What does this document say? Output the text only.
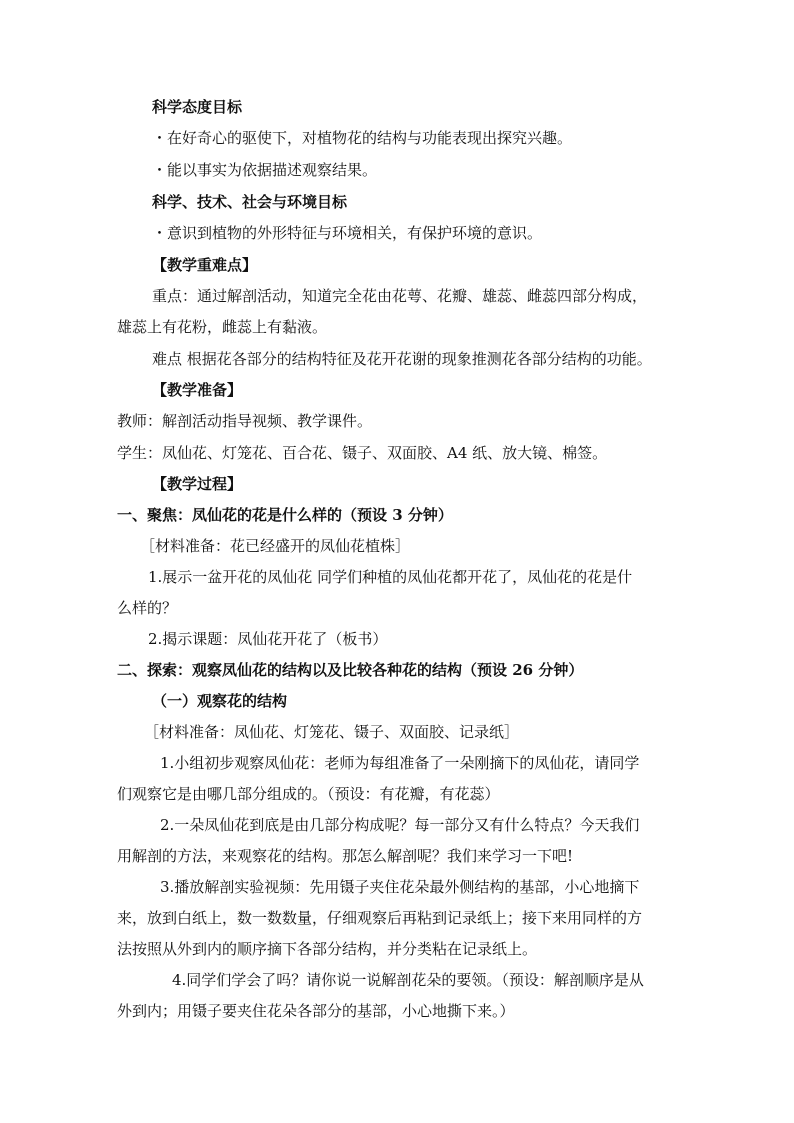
科学态度目标
・在好奇心的驱使下，对植物花的结构与功能表现出探究兴趣。
・能以事实为依据描述观察结果。
科学、技术、社会与环境目标
・意识到植物的外形特征与环境相关，有保护环境的意识。
【教学重难点】
重点：通过解剖活动，知道完全花由花萼、花瓣、雄蕊、雌蕊四部分构成，
雄蕊上有花粉，雌蕊上有黏液。
难点 根据花各部分的结构特征及花开花谢的现象推测花各部分结构的功能。
【教学准备】
教师：解剖活动指导视频、教学课件。
学生：凤仙花、灯笼花、百合花、镊子、双面胶、A4 纸、放大镜、棉签。
【教学过程】
一、聚焦：凤仙花的花是什么样的（预设 3 分钟）
［材料准备：花已经盛开的凤仙花植株］
1.展示一盆开花的凤仙花 同学们种植的凤仙花都开花了，凤仙花的花是什
么样的？
2.揭示课题：凤仙花开花了（板书）
二、探索：观察凤仙花的结构以及比较各种花的结构（预设 26 分钟）
（一）观察花的结构
［材料准备：凤仙花、灯笼花、镊子、双面胶、记录纸］
1.小组初步观察凤仙花：老师为每组准备了一朵刚摘下的凤仙花，请同学
们观察它是由哪几部分组成的。（预设：有花瓣，有花蕊）
2.一朵凤仙花到底是由几部分构成呢？每一部分又有什么特点？今天我们
用解剖的方法，来观察花的结构。那怎么解剖呢？我们来学习一下吧!
3.播放解剖实验视频：先用镊子夹住花朵最外侧结构的基部，小心地摘下
来，放到白纸上，数一数数量，仔细观察后再粘到记录纸上；接下来用同样的方
法按照从外到内的顺序摘下各部分结构，并分类粘在记录纸上。
4.同学们学会了吗？请你说一说解剖花朵的要领。（预设：解剖顺序是从
外到内；用镊子要夹住花朵各部分的基部，小心地撕下来。）
